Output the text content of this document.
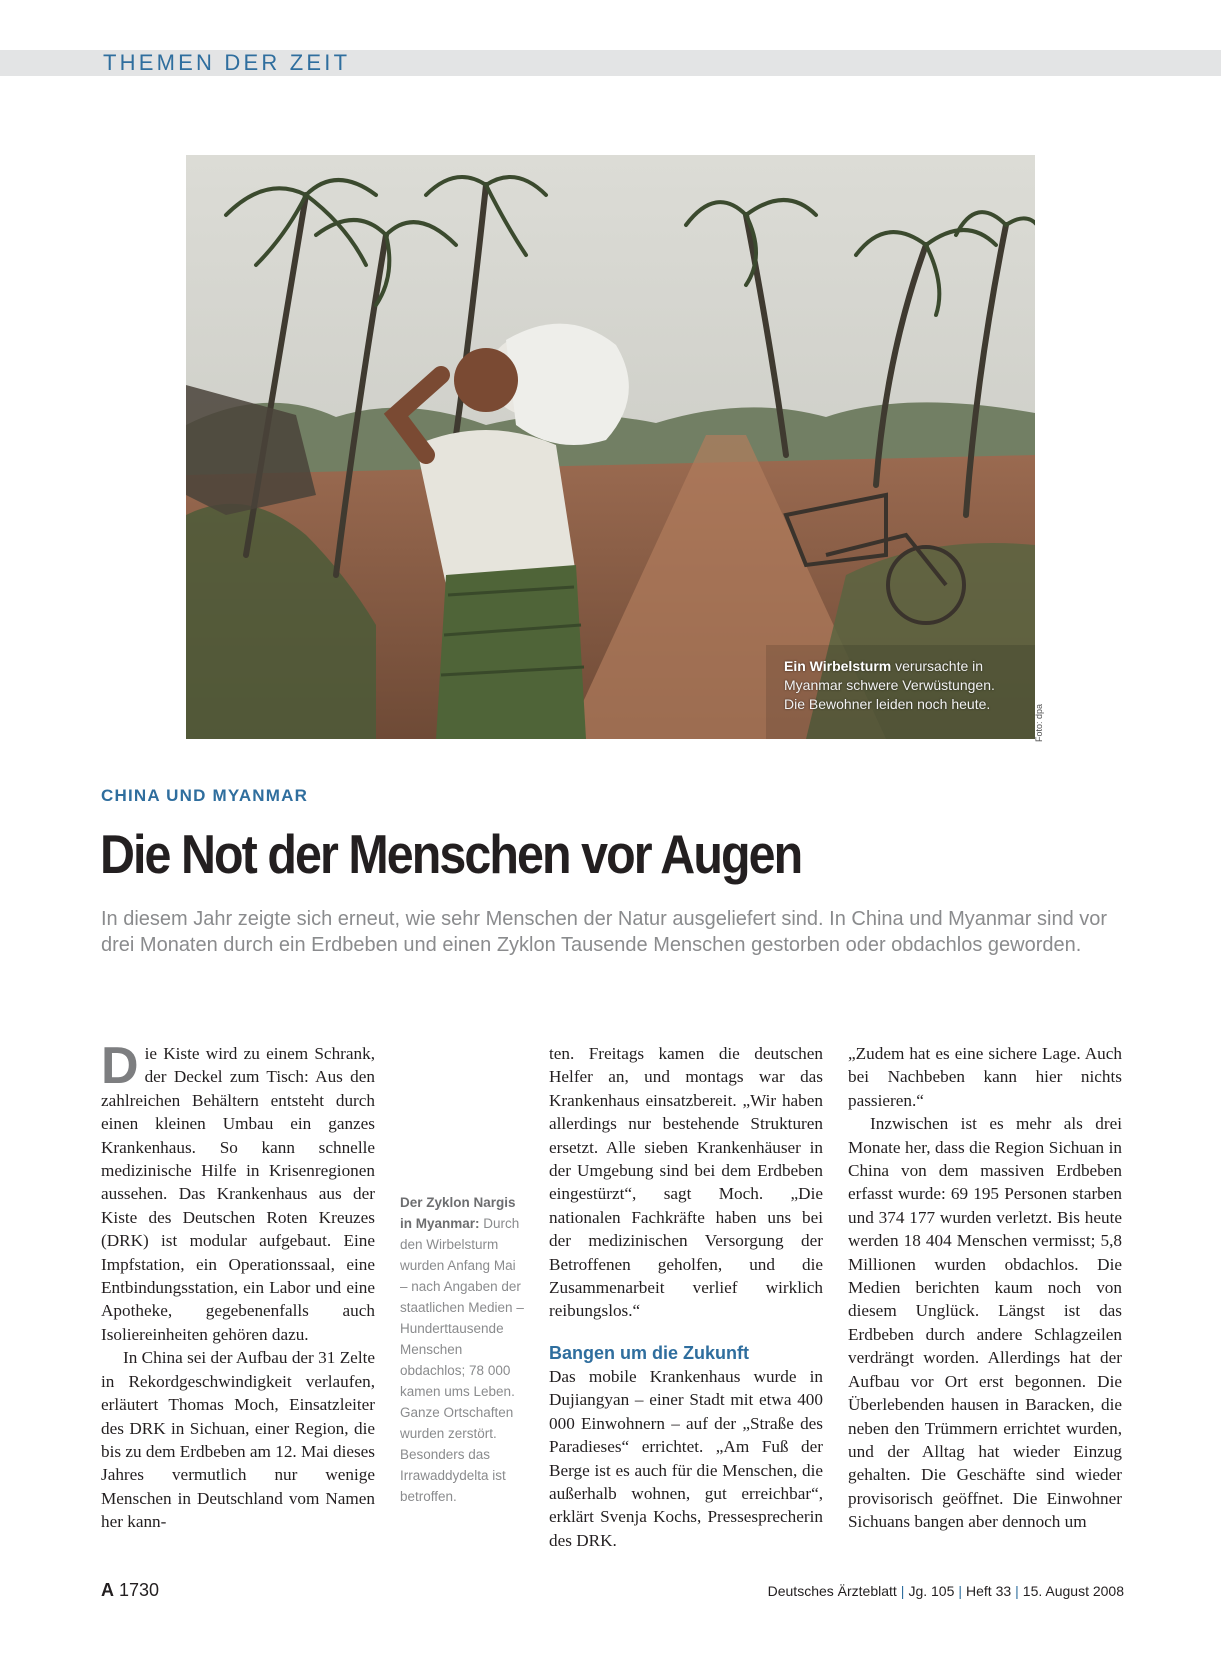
THEMEN DER ZEIT
Ein Wirbelsturm verursachte in Myanmar schwere Verwüstungen. Die Bewohner leiden noch heute.	Foto: dpa
CHINA UND MYANMAR
Die Not der Menschen vor Augen

In diesem Jahr zeigte sich erneut, wie sehr Menschen der Natur ausgeliefert sind. In China und Myanmar sind vor drei Monaten durch ein Erdbeben und einen Zyklon Tausende Menschen gestorben oder obdachlos geworden.

Die Kiste wird zu einem Schrank, der Deckel zum Tisch: Aus den zahlreichen Behältern entsteht durch einen kleinen Umbau ein ganzes Krankenhaus. So kann schnelle medizinische Hilfe in Krisenregionen aussehen. Das Krankenhaus aus der Kiste des Deutschen Roten Kreuzes (DRK) ist modular aufgebaut. Eine Impfstation, ein Operationssaal, eine Entbindungsstation, ein Labor und eine Apotheke, gegebenenfalls auch Isoliereinheiten gehören dazu.

In China sei der Aufbau der 31 Zelte in Rekordgeschwindigkeit verlaufen, erläutert Thomas Moch, Einsatzleiter des DRK in Sichuan, einer Region, die bis zu dem Erdbeben am 12. Mai dieses Jahres vermutlich nur wenige Menschen in Deutschland vom Namen her kann-

Der Zyklon Nargis in Myanmar: Durch den Wirbelsturm wurden Anfang Mai – nach Angaben der staatlichen Medien – Hunderttausende Menschen obdachlos; 78 000 kamen ums Leben. Ganze Ortschaften wurden zerstört. Besonders das Irrawaddydelta ist betroffen.

ten. Freitags kamen die deutschen Helfer an, und montags war das Krankenhaus einsatzbereit. „Wir haben allerdings nur bestehende Strukturen ersetzt. Alle sieben Krankenhäuser in der Umgebung sind bei dem Erdbeben eingestürzt“, sagt Moch. „Die nationalen Fachkräfte haben uns bei der medizinischen Versorgung der Betroffenen geholfen, und die Zusammenarbeit verlief wirklich reibungslos.“

Bangen um die Zukunft

Das mobile Krankenhaus wurde in Dujiangyan – einer Stadt mit etwa 400 000 Einwohnern – auf der „Straße des Paradieses“ errichtet. „Am Fuß der Berge ist es auch für die Menschen, die außerhalb wohnen, gut erreichbar“, erklärt Svenja Kochs, Pressesprecherin des DRK.

„Zudem hat es eine sichere Lage. Auch bei Nachbeben kann hier nichts passieren.“

Inzwischen ist es mehr als drei Monate her, dass die Region Sichuan in China von dem massiven Erdbeben erfasst wurde: 69 195 Personen starben und 374 177 wurden verletzt. Bis heute werden 18 404 Menschen vermisst; 5,8 Millionen wurden obdachlos. Die Medien berichten kaum noch von diesem Unglück. Längst ist das Erdbeben durch andere Schlagzeilen verdrängt worden. Allerdings hat der Aufbau vor Ort erst begonnen. Die Überlebenden hausen in Baracken, die neben den Trümmern errichtet wurden, und der Alltag hat wieder Einzug gehalten. Die Geschäfte sind wieder provisorisch geöffnet. Die Einwohner Sichuans bangen aber dennoch um

A 1730	Deutsches Ärzteblatt | Jg. 105 | Heft 33 | 15. August 2008
